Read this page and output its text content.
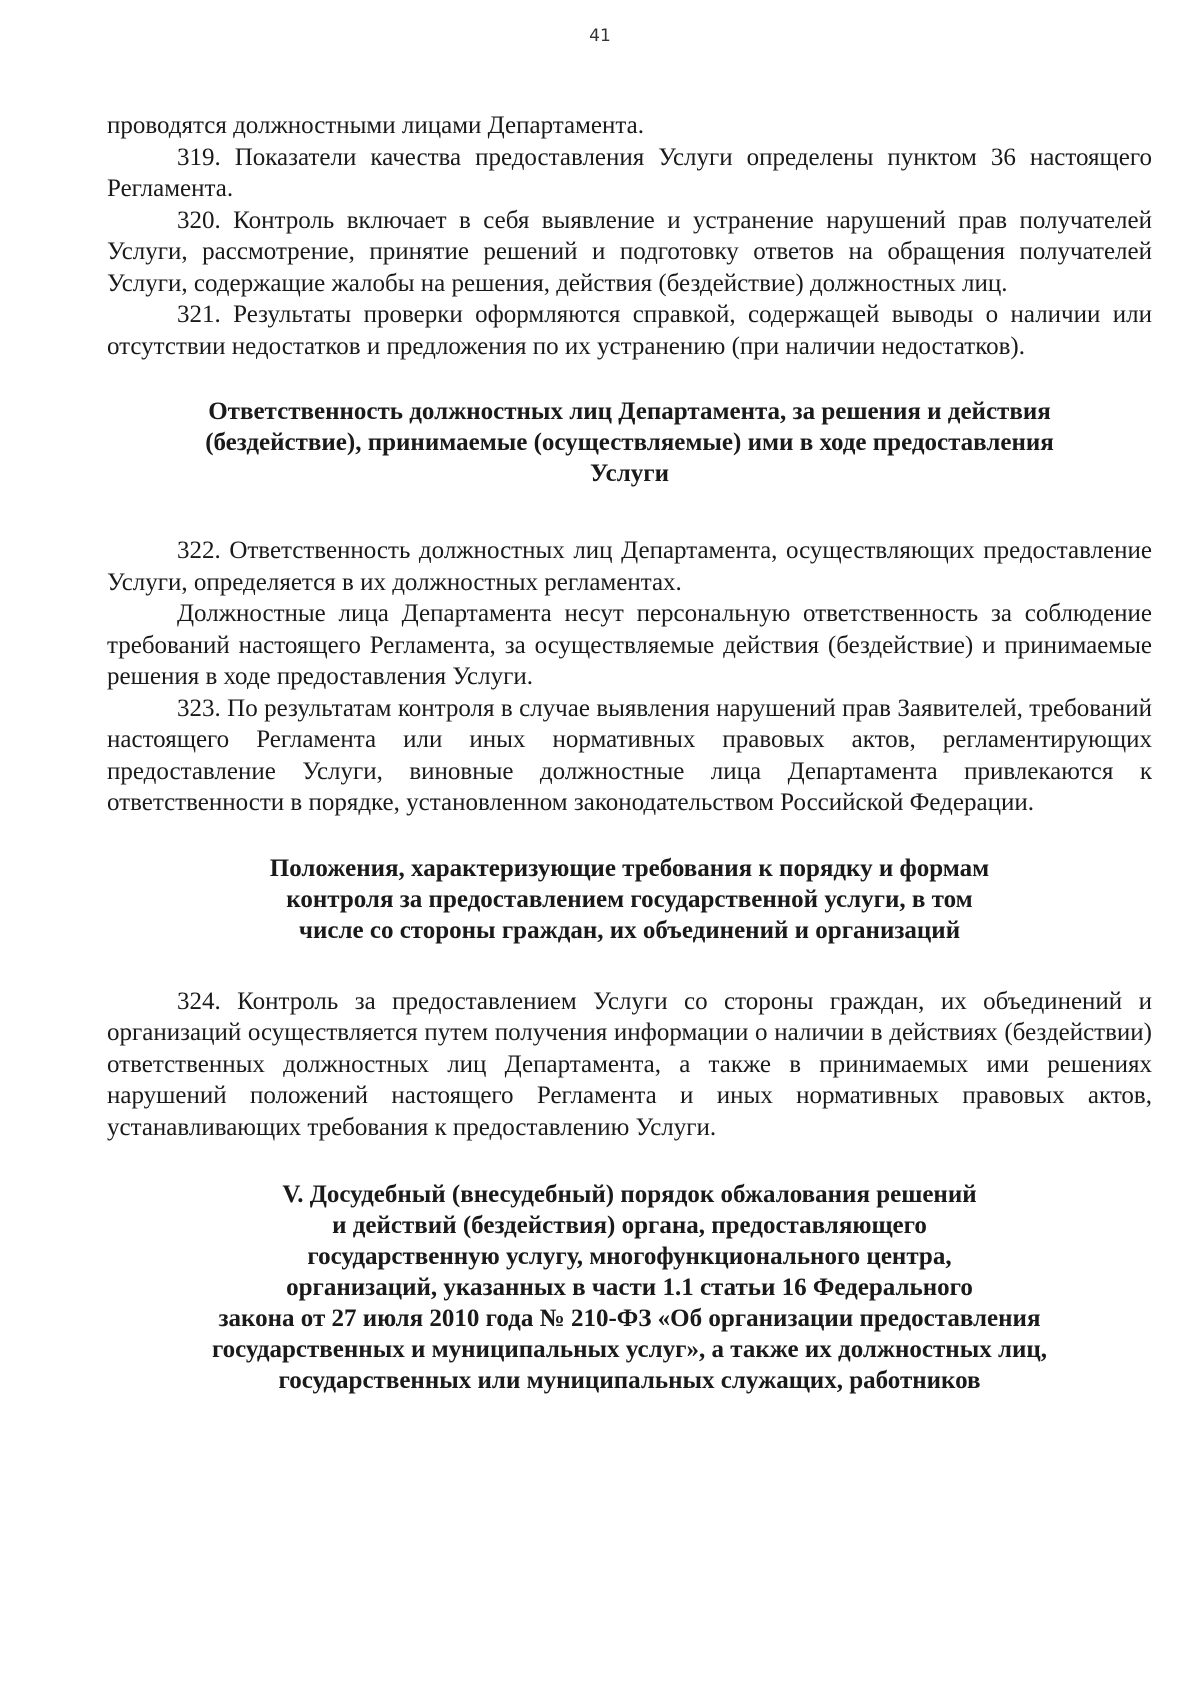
41

проводятся должностными лицами Департамента.

319. Показатели качества предоставления Услуги определены пунктом 36 настоящего Регламента.

320. Контроль включает в себя выявление и устранение нарушений прав получателей Услуги, рассмотрение, принятие решений и подготовку ответов на обращения получателей Услуги, содержащие жалобы на решения, действия (бездействие) должностных лиц.

321. Результаты проверки оформляются справкой, содержащей выводы о наличии или отсутствии недостатков и предложения по их устранению (при наличии недостатков).

Ответственность должностных лиц Департамента, за решения и действия
(бездействие), принимаемые (осуществляемые) ими в ходе предоставления
Услуги

322. Ответственность должностных лиц Департамента, осуществляющих предоставление Услуги, определяется в их должностных регламентах.

Должностные лица Департамента несут персональную ответственность за соблюдение требований настоящего Регламента, за осуществляемые действия (бездействие) и принимаемые решения в ходе предоставления Услуги.

323. По результатам контроля в случае выявления нарушений прав Заявителей, требований настоящего Регламента или иных нормативных правовых актов, регламентирующих предоставление Услуги, виновные должностные лица Департамента привлекаются к ответственности в порядке, установленном законодательством Российской Федерации.

Положения, характеризующие требования к порядку и формам
контроля за предоставлением государственной услуги, в том
числе со стороны граждан, их объединений и организаций

324. Контроль за предоставлением Услуги со стороны граждан, их объединений и организаций осуществляется путем получения информации о наличии в действиях (бездействии) ответственных должностных лиц Департамента, а также в принимаемых ими решениях нарушений положений настоящего Регламента и иных нормативных правовых актов, устанавливающих требования к предоставлению Услуги.

V. Досудебный (внесудебный) порядок обжалования решений
и действий (бездействия) органа, предоставляющего
государственную услугу, многофункционального центра,
организаций, указанных в части 1.1 статьи 16 Федерального
закона от 27 июля 2010 года № 210-ФЗ «Об организации предоставления
государственных и муниципальных услуг», а также их должностных лиц,
государственных или муниципальных служащих, работников
